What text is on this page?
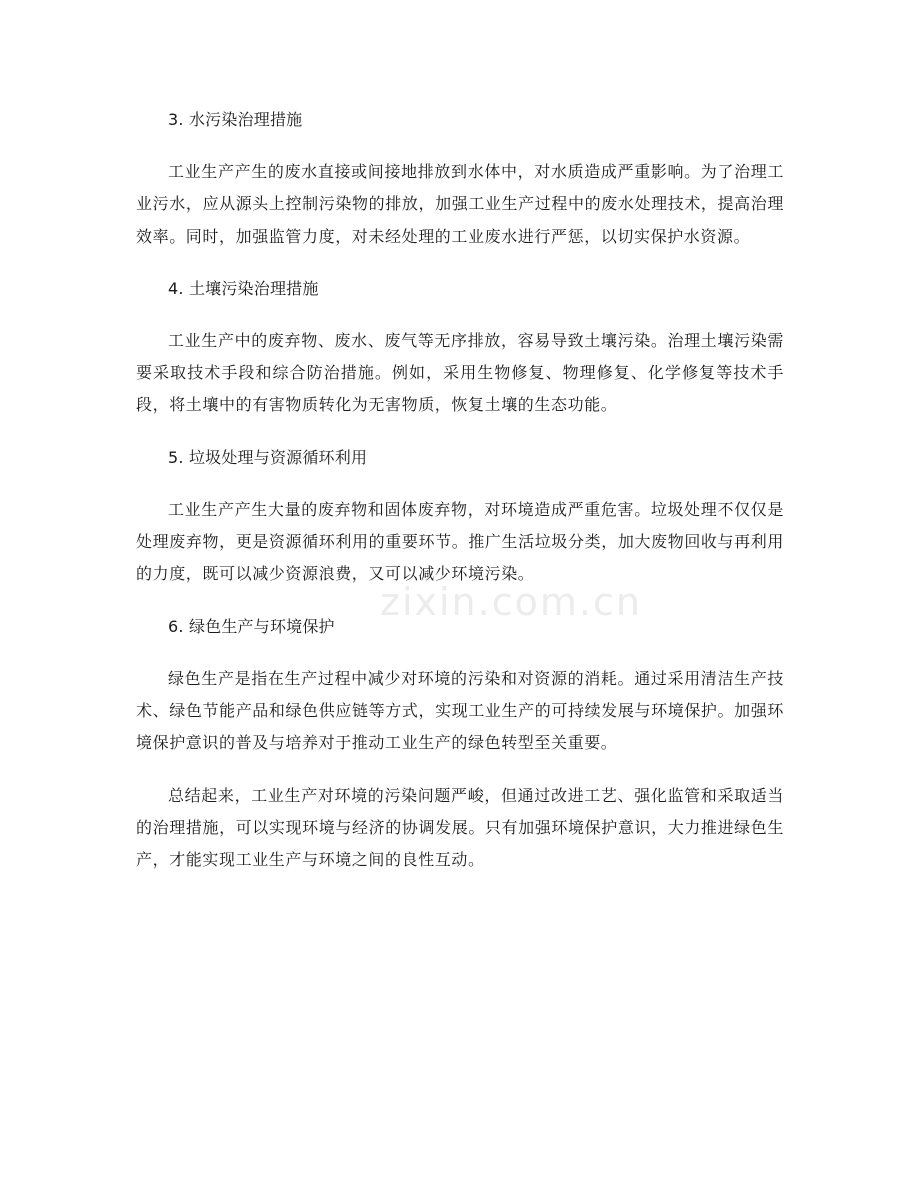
3. 水污染治理措施

工业生产产生的废水直接或间接地排放到水体中，对水质造成严重影响。为了治理工业污水，应从源头上控制污染物的排放，加强工业生产过程中的废水处理技术，提高治理效率。同时，加强监管力度，对未经处理的工业废水进行严惩，以切实保护水资源。

4. 土壤污染治理措施

工业生产中的废弃物、废水、废气等无序排放，容易导致土壤污染。治理土壤污染需要采取技术手段和综合防治措施。例如，采用生物修复、物理修复、化学修复等技术手段，将土壤中的有害物质转化为无害物质，恢复土壤的生态功能。

5. 垃圾处理与资源循环利用

工业生产产生大量的废弃物和固体废弃物，对环境造成严重危害。垃圾处理不仅仅是处理废弃物，更是资源循环利用的重要环节。推广生活垃圾分类，加大废物回收与再利用的力度，既可以减少资源浪费，又可以减少环境污染。

6. 绿色生产与环境保护

绿色生产是指在生产过程中减少对环境的污染和对资源的消耗。通过采用清洁生产技术、绿色节能产品和绿色供应链等方式，实现工业生产的可持续发展与环境保护。加强环境保护意识的普及与培养对于推动工业生产的绿色转型至关重要。

总结起来，工业生产对环境的污染问题严峻，但通过改进工艺、强化监管和采取适当的治理措施，可以实现环境与经济的协调发展。只有加强环境保护意识，大力推进绿色生产，才能实现工业生产与环境之间的良性互动。

zixin.com.cn
